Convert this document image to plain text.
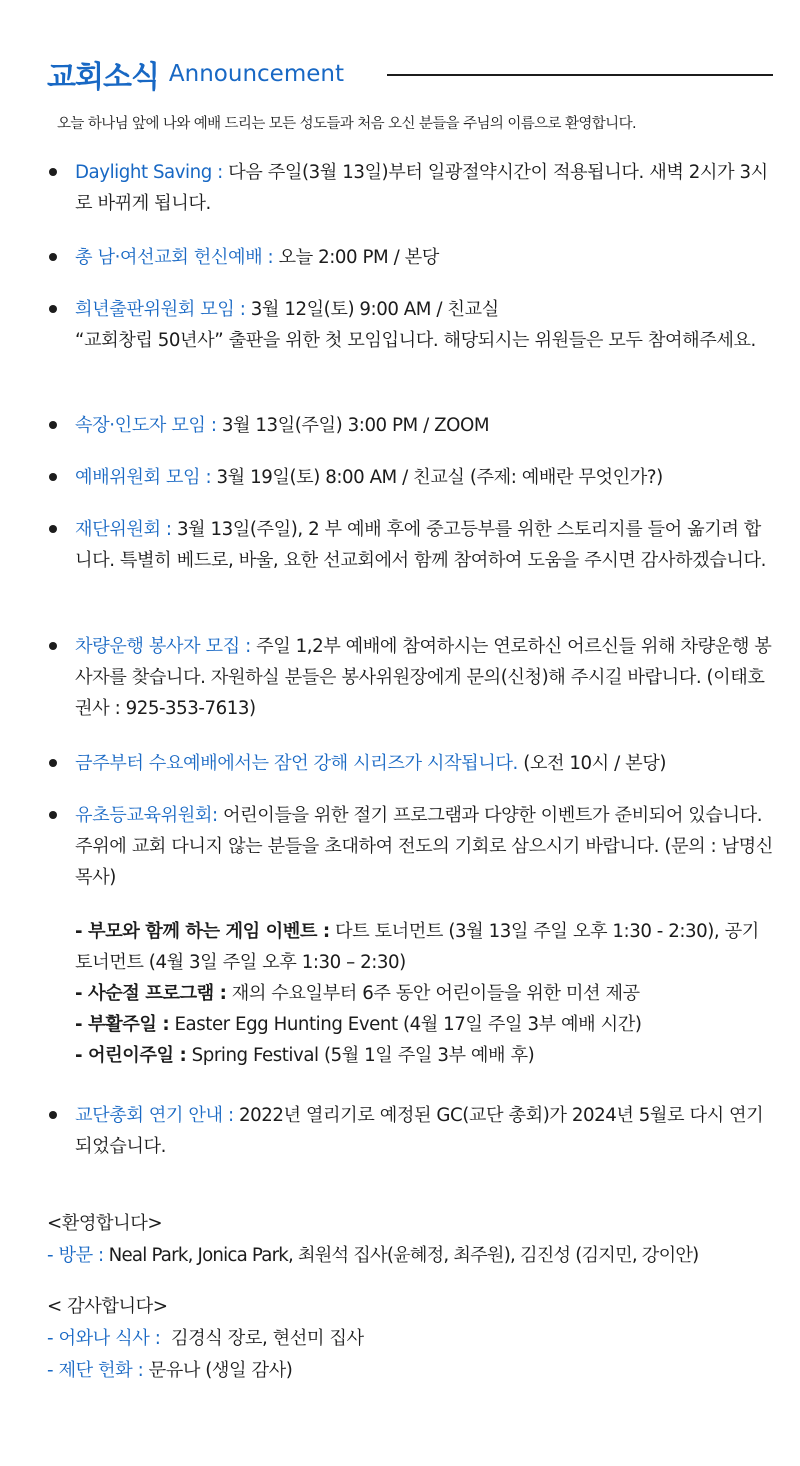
교회소식 Announcement
오늘 하나님 앞에 나와 예배 드리는 모든 성도들과 처음 오신 분들을 주님의 이름으로 환영합니다.
Daylight Saving : 다음 주일(3월 13일)부터 일광절약시간이 적용됩니다. 새벽 2시가 3시로 바뀌게 됩니다.
총 남·여선교회 헌신예배 : 오늘 2:00 PM / 본당
희년출판위원회 모임 : 3월 12일(토) 9:00 AM / 친교실
“교회창립 50년사” 출판을 위한 첫 모임입니다. 해당되시는 위원들은 모두 참여해주세요.
속장·인도자 모임 : 3월 13일(주일) 3:00 PM / ZOOM
예배위원회 모임 : 3월 19일(토) 8:00 AM / 친교실 (주제: 예배란 무엇인가?)
재단위원회 : 3월 13일(주일), 2 부 예배 후에 중고등부를 위한 스토리지를 들어 옮기려 합니다. 특별히 베드로, 바울, 요한 선교회에서 함께 참여하여 도움을 주시면 감사하겠습니다.
차량운행 봉사자 모집 : 주일 1,2부 예배에 참여하시는 연로하신 어르신들 위해 차량운행 봉사자를 찾습니다. 자원하실 분들은 봉사위원장에게 문의(신청)해 주시길 바랍니다. (이태호 권사 : 925-353-7613)
금주부터 수요예배에서는 잠언 강해 시리즈가 시작됩니다. (오전 10시 / 본당)
유초등교육위원회: 어린이들을 위한 절기 프로그램과 다양한 이벤트가 준비되어 있습니다. 주위에 교회 다니지 않는 분들을 초대하여 전도의 기회로 삼으시기 바랍니다. (문의 : 남명신 목사)
- 부모와 함께 하는 게임 이벤트 : 다트 토너먼트 (3월 13일 주일 오후 1:30 - 2:30), 공기 토너먼트 (4월 3일 주일 오후 1:30 – 2:30)
- 사순절 프로그램 : 재의 수요일부터 6주 동안 어린이들을 위한 미션 제공
- 부활주일 : Easter Egg Hunting Event (4월 17일 주일 3부 예배 시간)
- 어린이주일 : Spring Festival (5월 1일 주일 3부 예배 후)
교단총회 연기 안내 : 2022년 열리기로 예정된 GC(교단 총회)가 2024년 5월로 다시 연기되었습니다.
<환영합니다>
- 방문 : Neal Park, Jonica Park, 최원석 집사(윤혜정, 최주원), 김진성 (김지민, 강이안)
< 감사합니다>
- 어와나 식사 :  김경식 장로, 현선미 집사
- 제단 헌화 : 문유나 (생일 감사)
